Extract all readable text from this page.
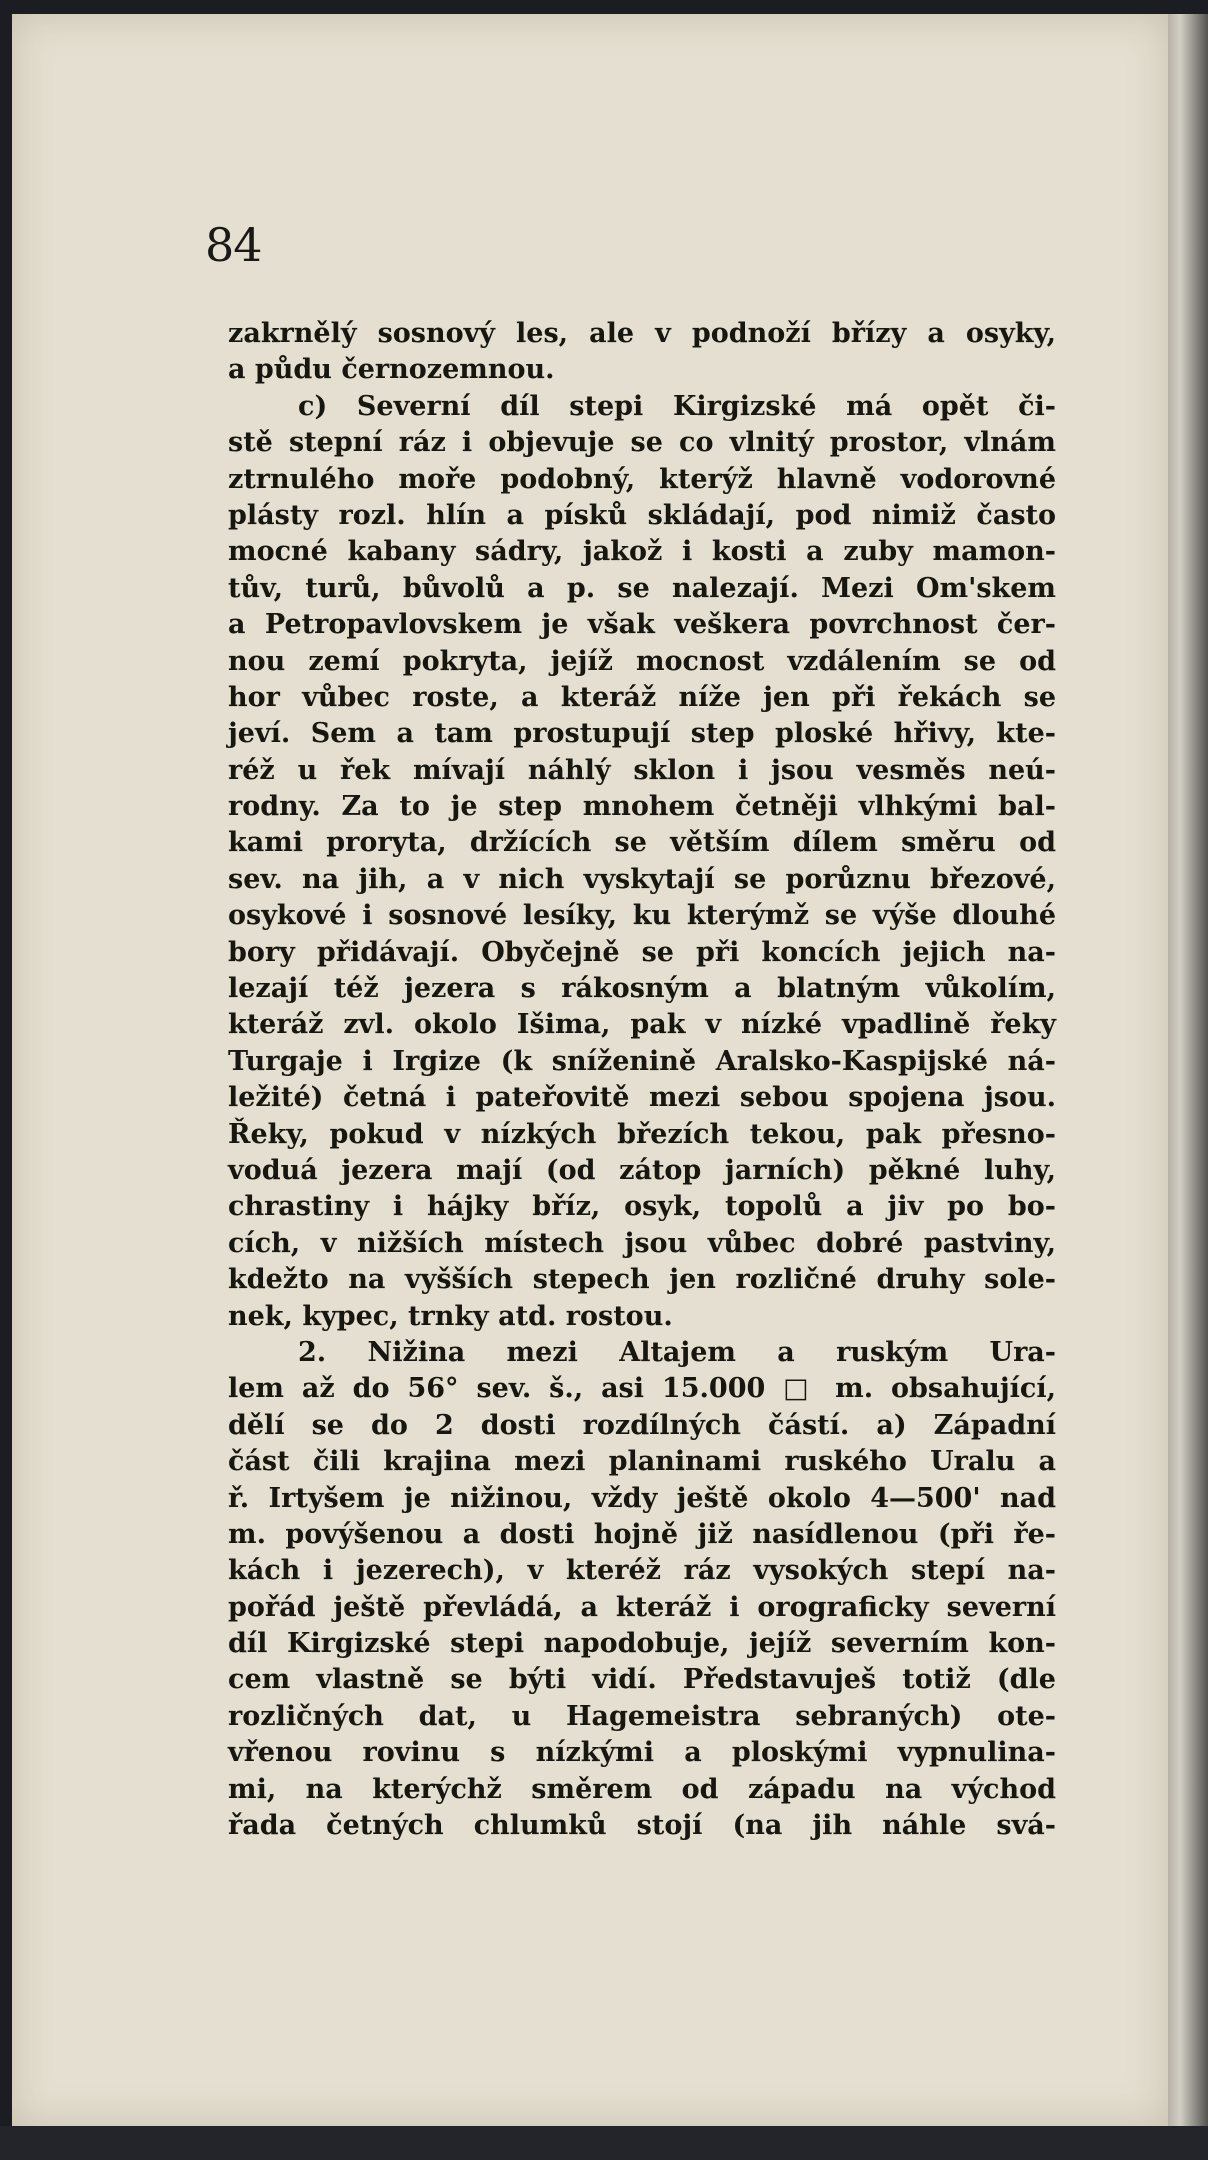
84
zakrnělý sosnový les, ale v podnoží břízy a osyky,
a půdu černozemnou.
c) Severní díl stepi Kirgizské má opět či-
stě stepní ráz i objevuje se co vlnitý prostor, vlnám
ztrnulého moře podobný, kterýž hlavně vodorovné
plásty rozl. hlín a písků skládají, pod nimiž často
mocné kabany sádry, jakož i kosti a zuby mamon-
tův, turů, bůvolů a p. se nalezají. Mezi Om'skem
a Petropavlovskem je však veškera povrchnost čer-
nou zemí pokryta, jejíž mocnost vzdálením se od
hor vůbec roste, a kteráž níže jen při řekách se
jeví. Sem a tam prostupují step ploské hřivy, kte-
réž u řek mívají náhlý sklon i jsou vesměs neú-
rodny. Za to je step mnohem četněji vlhkými bal-
kami proryta, držících se větším dílem směru od
sev. na jih, a v nich vyskytají se porůznu březové,
osykové i sosnové lesíky, ku kterýmž se výše dlouhé
bory přidávají. Obyčejně se při koncích jejich na-
lezají též jezera s rákosným a blatným vůkolím,
kteráž zvl. okolo Išima, pak v nízké vpadlině řeky
Turgaje i Irgize (k sníženině Aralsko-Kaspijské ná-
ležité) četná i pateřovitě mezi sebou spojena jsou.
Řeky, pokud v nízkých březích tekou, pak přesno-
voduá jezera mají (od zátop jarních) pěkné luhy,
chrastiny i hájky bříz, osyk, topolů a jiv po bo-
cích, v nižších místech jsou vůbec dobré pastviny,
kdežto na vyšších stepech jen rozličné druhy sole-
nek, kypec, trnky atd. rostou.
2. Nižina mezi Altajem a ruským Ura-
lem až do 56° sev. š., asi 15.000 □ m. obsahující,
dělí se do 2 dosti rozdílných částí. a) Západní
část čili krajina mezi planinami ruského Uralu a
ř. Irtyšem je nižinou, vždy ještě okolo 4—500' nad
m. povýšenou a dosti hojně již nasídlenou (při ře-
kách i jezerech), v kteréž ráz vysokých stepí na-
pořád ještě převládá, a kteráž i orograficky severní
díl Kirgizské stepi napodobuje, jejíž severním kon-
cem vlastně se býti vidí. Představuješ totiž (dle
rozličných dat, u Hagemeistra sebraných) ote-
vřenou rovinu s nízkými a ploskými vypnulina-
mi, na kterýchž směrem od západu na východ
řada četných chlumků stojí (na jih náhle svá-
